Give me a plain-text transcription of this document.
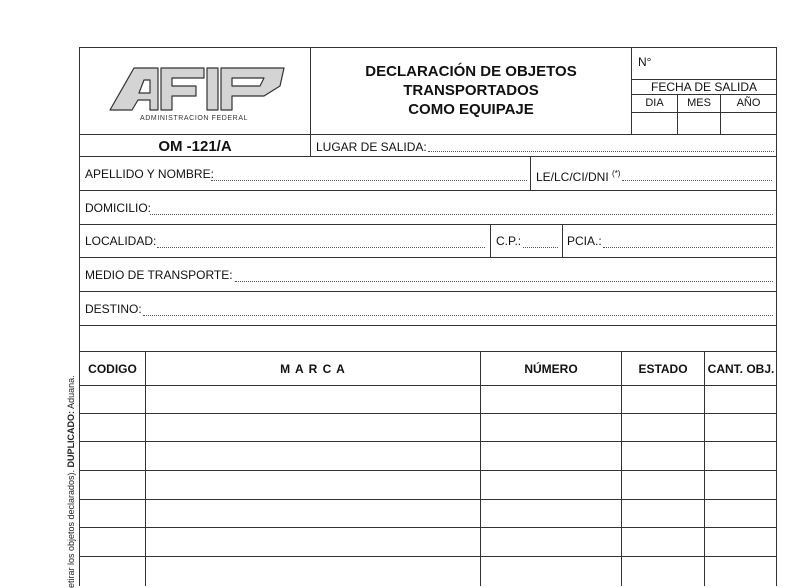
ADMINISTRACION FEDERAL
DECLARACIÓN DE OBJETOS
TRANSPORTADOS
COMO EQUIPAJE
N°
FECHA DE SALIDA
DIA	MES	AÑO
OM -121/A	LUGAR DE SALIDA:
APELLIDO Y NOMBRE:	LE/LC/CI/DNI (*)
DOMICILIO:
LOCALIDAD:	C.P.:	PCIA.:
MEDIO DE TRANSPORTE:
DESTINO:
CODIGO	M A R C A	NÚMERO	ESTADO	CANT. OBJ.
etirar los objetos declarados). DUPLICADO: Aduana.
